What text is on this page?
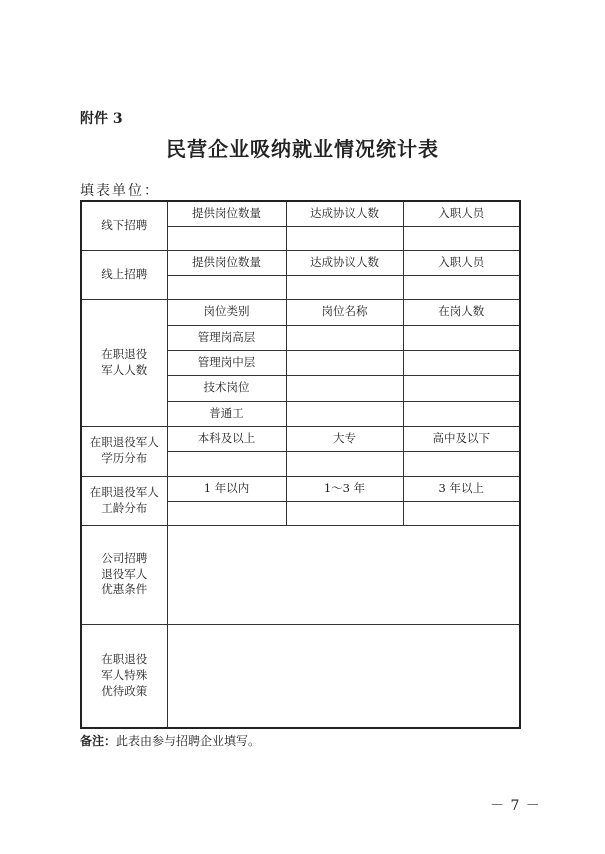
附件 3
民营企业吸纳就业情况统计表
填表单位：
线下招聘	提供岗位数量	达成协议人数	入职人员

线上招聘	提供岗位数量	达成协议人数	入职人员

在职退役
军人人数	岗位类别	岗位名称	在岗人数
	管理岗高层		
	管理岗中层		
	技术岗位		
	普通工		
在职退役军人
学历分布	本科及以上	大专	高中及以下

在职退役军人
工龄分布	1 年以内	1～3 年	3 年以上

公司招聘
退役军人
优惠条件			
在职退役
军人特殊
优待政策			
备注：此表由参与招聘企业填写。
－ 7 －
